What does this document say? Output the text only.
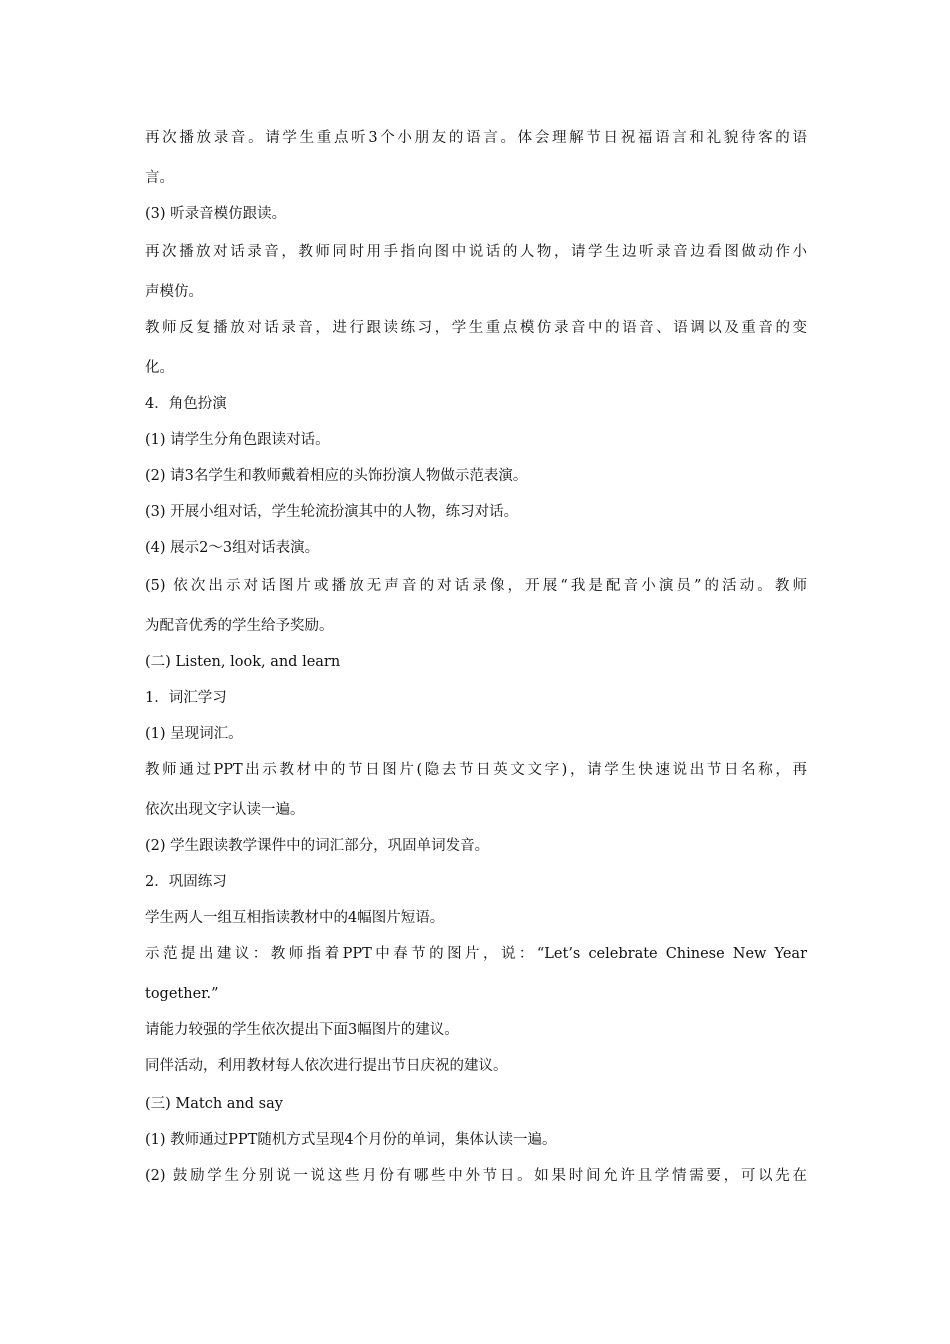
再次播放录音。请学生重点听3个小朋友的语言。体会理解节日祝福语言和礼貌待客的语
言。
(3) 听录音模仿跟读。
再次播放对话录音，教师同时用手指向图中说话的人物，请学生边听录音边看图做动作小
声模仿。
教师反复播放对话录音，进行跟读练习，学生重点模仿录音中的语音、语调以及重音的变
化。
4．角色扮演
(1) 请学生分角色跟读对话。
(2) 请3名学生和教师戴着相应的头饰扮演人物做示范表演。
(3) 开展小组对话，学生轮流扮演其中的人物，练习对话。
(4) 展示2～3组对话表演。
(5) 依次出示对话图片或播放无声音的对话录像，开展“我是配音小演员”的活动。教师
为配音优秀的学生给予奖励。
(二) Listen, look, and learn
1．词汇学习
(1) 呈现词汇。
教师通过PPT出示教材中的节日图片(隐去节日英文文字)，请学生快速说出节日名称，再
依次出现文字认读一遍。
(2) 学生跟读教学课件中的词汇部分，巩固单词发音。
2．巩固练习
学生两人一组互相指读教材中的4幅图片短语。
示范提出建议：教师指着PPT中春节的图片，说：“Let’s celebrate Chinese New Year
together.”
请能力较强的学生依次提出下面3幅图片的建议。
同伴活动，利用教材每人依次进行提出节日庆祝的建议。
(三) Match and say
(1) 教师通过PPT随机方式呈现4个月份的单词，集体认读一遍。
(2) 鼓励学生分别说一说这些月份有哪些中外节日。如果时间允许且学情需要，可以先在
